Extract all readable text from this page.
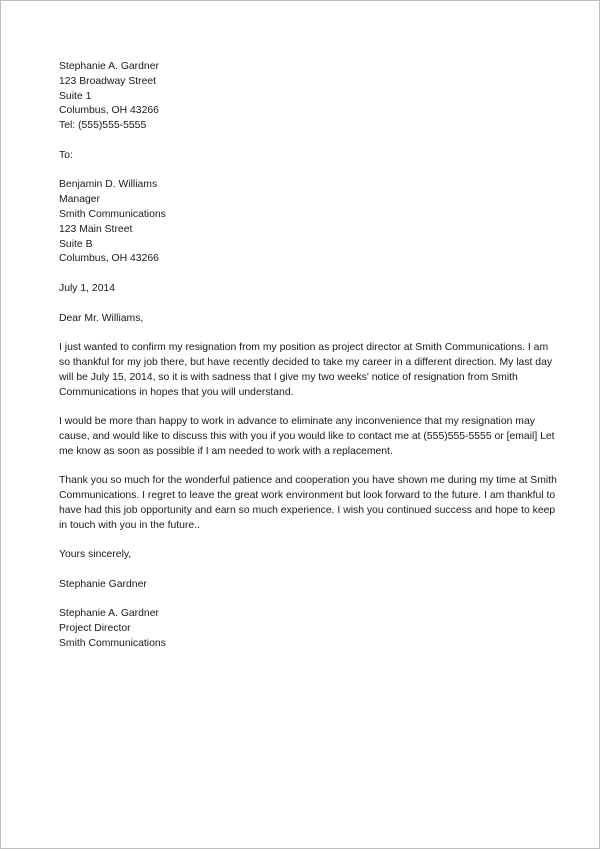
Stephanie A. Gardner
123 Broadway Street
Suite 1
Columbus, OH 43266
Tel: (555)555-5555
To:
Benjamin D. Williams
Manager
Smith Communications
123 Main Street
Suite B
Columbus, OH 43266
July 1, 2014
Dear Mr. Williams,
I just wanted to confirm my resignation from my position as project director at Smith Communications. I am
so thankful for my job there, but have recently decided to take my career in a different direction. My last day
will be July 15, 2014, so it is with sadness that I give my two weeks' notice of resignation from Smith
Communications in hopes that you will understand.
I would be more than happy to work in advance to eliminate any inconvenience that my resignation may
cause, and would like to discuss this with you if you would like to contact me at (555)555-5555 or [email] Let
me know as soon as possible if I am needed to work with a replacement.
Thank you so much for the wonderful patience and cooperation you have shown me during my time at Smith
Communications. I regret to leave the great work environment but look forward to the future. I am thankful to
have had this job opportunity and earn so much experience. I wish you continued success and hope to keep
in touch with you in the future..
Yours sincerely,
Stephanie Gardner
Stephanie A. Gardner
Project Director
Smith Communications
